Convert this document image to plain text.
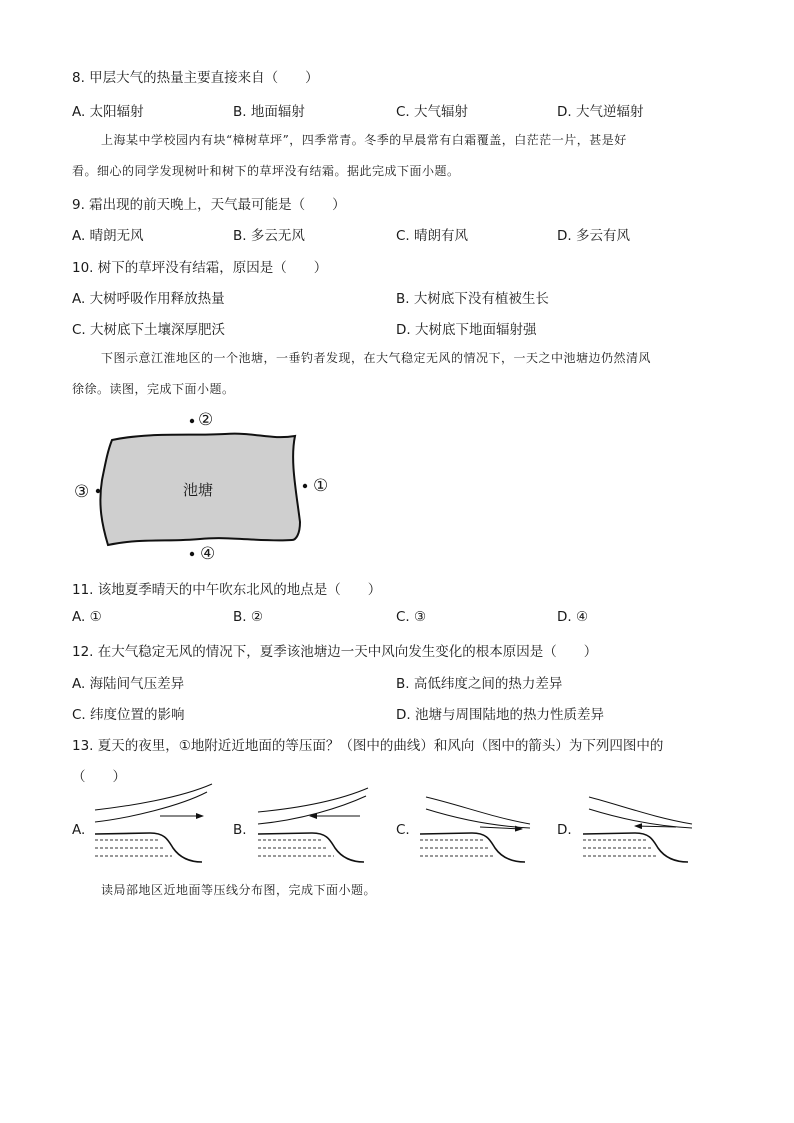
8. 甲层大气的热量主要直接来自（　　）
A. 太阳辐射	B. 地面辐射	C. 大气辐射	D. 大气逆辐射
上海某中学校园内有块“樟树草坪”，四季常青。冬季的早晨常有白霜覆盖，白茫茫一片，甚是好
看。细心的同学发现树叶和树下的草坪没有结霜。据此完成下面小题。
9. 霜出现的前天晚上，天气最可能是（　　）
A. 晴朗无风	B. 多云无风	C. 晴朗有风	D. 多云有风
10. 树下的草坪没有结霜，原因是（　　）
A. 大树呼吸作用释放热量	B. 大树底下没有植被生长
C. 大树底下土壤深厚肥沃	D. 大树底下地面辐射强
下图示意江淮地区的一个池塘，一垂钓者发现，在大气稳定无风的情况下，一天之中池塘边仍然清风
徐徐。读图，完成下面小题。
池塘
②
①
③
④
11. 该地夏季晴天的中午吹东北风的地点是（　　）
A. ①	B. ②	C. ③	D. ④
12. 在大气稳定无风的情况下，夏季该池塘边一天中风向发生变化的根本原因是（　　）
A. 海陆间气压差异	B. 高低纬度之间的热力差异
C. 纬度位置的影响	D. 池塘与周围陆地的热力性质差异
13. 夏天的夜里，①地附近近地面的等压面？（图中的曲线）和风向（图中的箭头）为下列四图中的
（　　）
A.	B.	C.	D.
读局部地区近地面等压线分布图，完成下面小题。
